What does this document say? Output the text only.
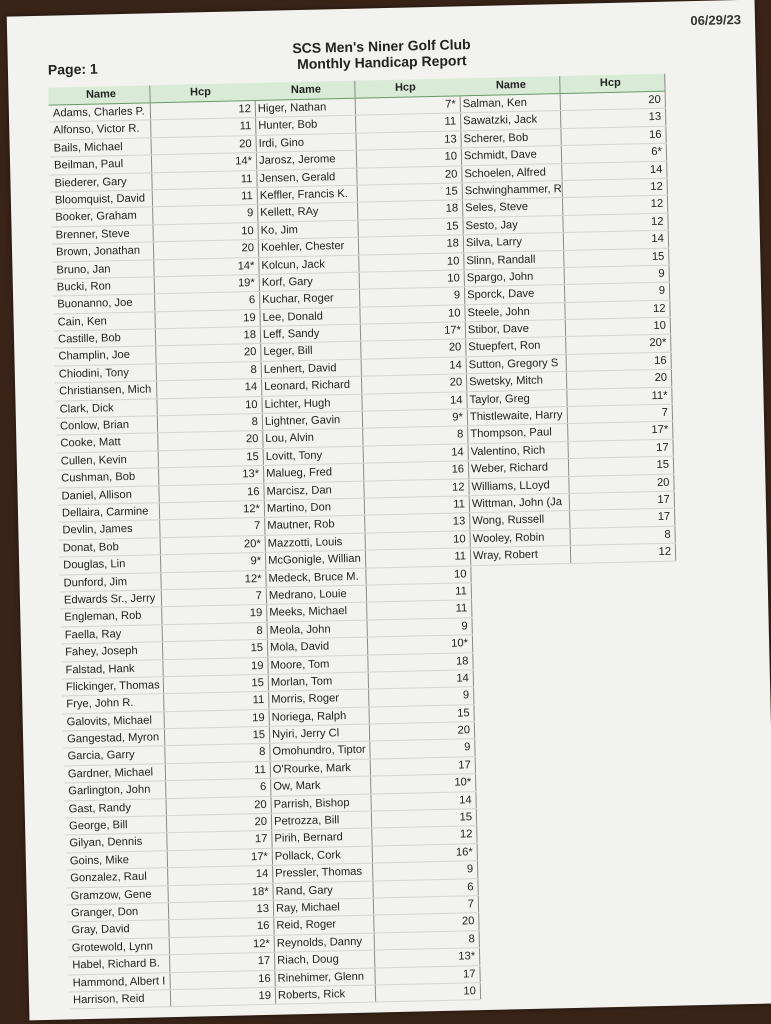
Page: 1
06/29/23
SCS Men's Niner Golf Club
Monthly Handicap Report
Name	Hcp
Adams, Charles P.	12
Alfonso, Victor R.	11
Bails, Michael	20
Beilman, Paul	14*
Biederer, Gary	11
Bloomquist, David	11
Booker, Graham	9
Brenner, Steve	10
Brown, Jonathan	20
Bruno, Jan	14*
Bucki, Ron	19*
Buonanno, Joe	6
Cain, Ken	19
Castille, Bob	18
Champlin, Joe	20
Chiodini, Tony	8
Christiansen, Mich	14
Clark, Dick	10
Conlow, Brian	8
Cooke, Matt	20
Cullen, Kevin	15
Cushman, Bob	13*
Daniel, Allison	16
Dellaira, Carmine	12*
Devlin, James	7
Donat, Bob	20*
Douglas, Lin	9*
Dunford, Jim	12*
Edwards Sr., Jerry	7
Engleman, Rob	19
Faella, Ray	8
Fahey, Joseph	15
Falstad, Hank	19
Flickinger, Thomas	15
Frye, John R.	11
Galovits, Michael	19
Gangestad, Myron	15
Garcia, Garry	8
Gardner, Michael	11
Garlington, John	6
Gast, Randy	20
George, Bill	20
Gilyan, Dennis	17
Goins, Mike	17*
Gonzalez, Raul	14
Gramzow, Gene	18*
Granger, Don	13
Gray, David	16
Grotewold, Lynn	12*
Habel, Richard B.	17
Hammond, Albert I	16
Harrison, Reid	19
Name	Hcp
Higer, Nathan	7*
Hunter, Bob	11
Irdi, Gino	13
Jarosz, Jerome	10
Jensen, Gerald	20
Keffler, Francis K.	15
Kellett, RAy	18
Ko, Jim	15
Koehler, Chester	18
Kolcun, Jack	10
Korf, Gary	10
Kuchar, Roger	9
Lee, Donald	10
Leff, Sandy	17*
Leger, Bill	20
Lenhert, David	14
Leonard, Richard	20
Lichter, Hugh	14
Lightner, Gavin	9*
Lou, Alvin	8
Lovitt, Tony	14
Malueg, Fred	16
Marcisz, Dan	12
Martino, Don	11
Mautner, Rob	13
Mazzotti, Louis	10
McGonigle, Willian	11
Medeck, Bruce M.	10
Medrano, Louie	11
Meeks, Michael	11
Meola, John	9
Mola, David	10*
Moore, Tom	18
Morlan, Tom	14
Morris, Roger	9
Noriega, Ralph	15
Nyiri, Jerry Cl	20
Omohundro, Tiptor	9
O'Rourke, Mark	17
Ow, Mark	10*
Parrish, Bishop	14
Petrozza, Bill	15
Pirih, Bernard	12
Pollack, Cork	16*
Pressler, Thomas	9
Rand, Gary	6
Ray, Michael	7
Reid, Roger	20
Reynolds, Danny	8
Riach, Doug	13*
Rinehimer, Glenn	17
Roberts, Rick	10
Name	Hcp
Salman, Ken	20
Sawatzki, Jack	13
Scherer, Bob	16
Schmidt, Dave	6*
Schoelen, Alfred	14
Schwinghammer, R	12
Seles, Steve	12
Sesto, Jay	12
Silva, Larry	14
Slinn, Randall	15
Spargo, John	9
Sporck, Dave	9
Steele, John	12
Stibor, Dave	10
Stuepfert, Ron	20*
Sutton, Gregory S	16
Swetsky, Mitch	20
Taylor, Greg	11*
Thistlewaite, Harry	7
Thompson, Paul	17*
Valentino, Rich	17
Weber, Richard	15
Williams, LLoyd	20
Wittman, John (Ja	17
Wong, Russell	17
Wooley, Robin	8
Wray, Robert	12
